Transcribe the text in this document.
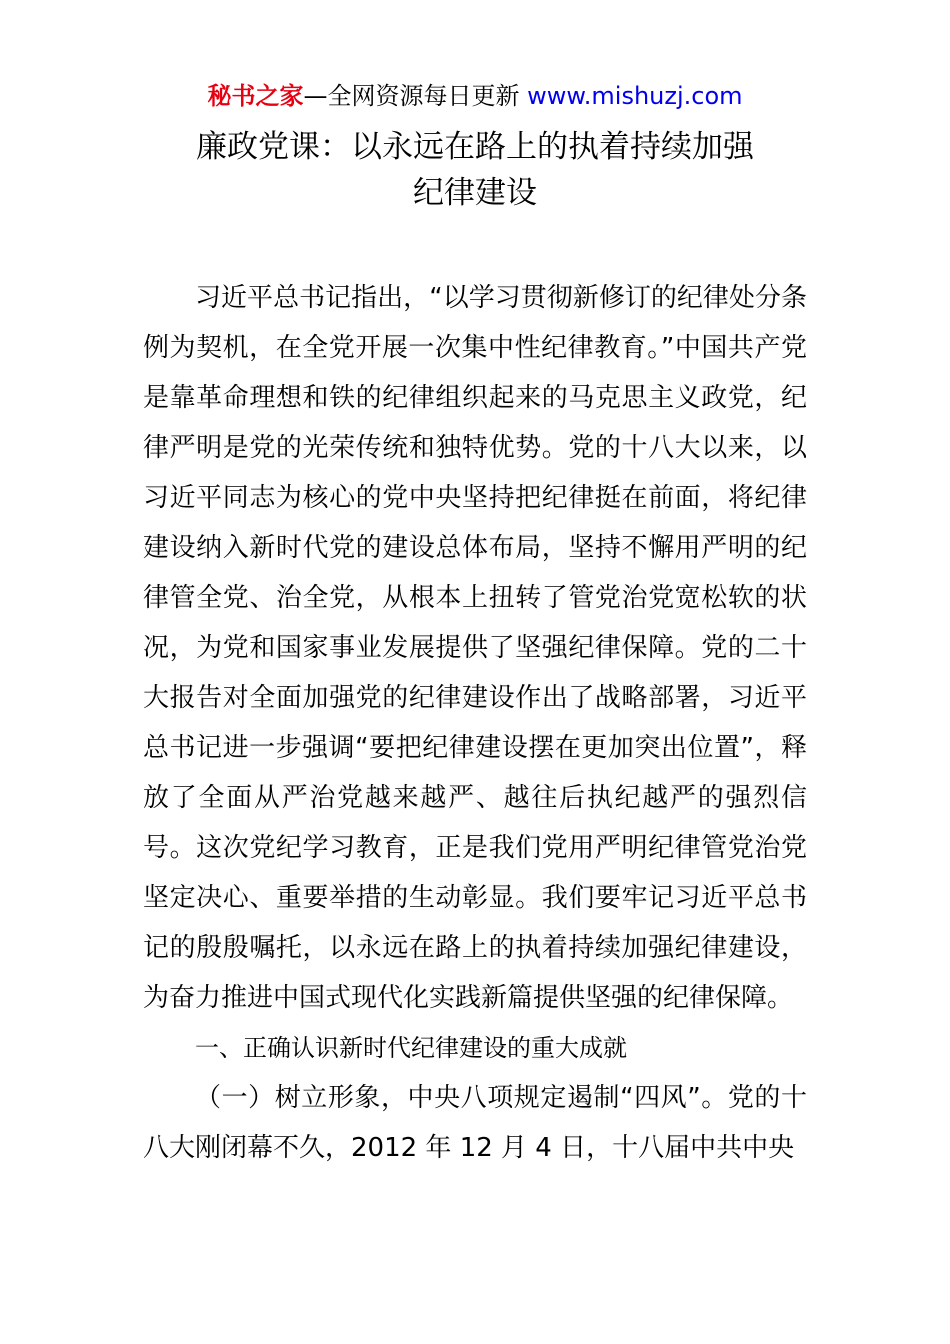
秘书之家—全网资源每日更新 www.mishuzj.com
廉政党课：以永远在路上的执着持续加强
纪律建设

习近平总书记指出，“以学习贯彻新修订的纪律处分条例为契机，在全党开展一次集中性纪律教育。”中国共产党是靠革命理想和铁的纪律组织起来的马克思主义政党，纪律严明是党的光荣传统和独特优势。党的十八大以来，以习近平同志为核心的党中央坚持把纪律挺在前面，将纪律建设纳入新时代党的建设总体布局，坚持不懈用严明的纪律管全党、治全党，从根本上扭转了管党治党宽松软的状况，为党和国家事业发展提供了坚强纪律保障。党的二十大报告对全面加强党的纪律建设作出了战略部署，习近平总书记进一步强调“要把纪律建设摆在更加突出位置”，释放了全面从严治党越来越严、越往后执纪越严的强烈信号。这次党纪学习教育，正是我们党用严明纪律管党治党坚定决心、重要举措的生动彰显。我们要牢记习近平总书记的殷殷嘱托，以永远在路上的执着持续加强纪律建设，为奋力推进中国式现代化实践新篇提供坚强的纪律保障。

一、正确认识新时代纪律建设的重大成就

（一）树立形象，中央八项规定遏制“四风”。党的十八大刚闭幕不久，2012 年 12 月 4 日，十八届中共中央
